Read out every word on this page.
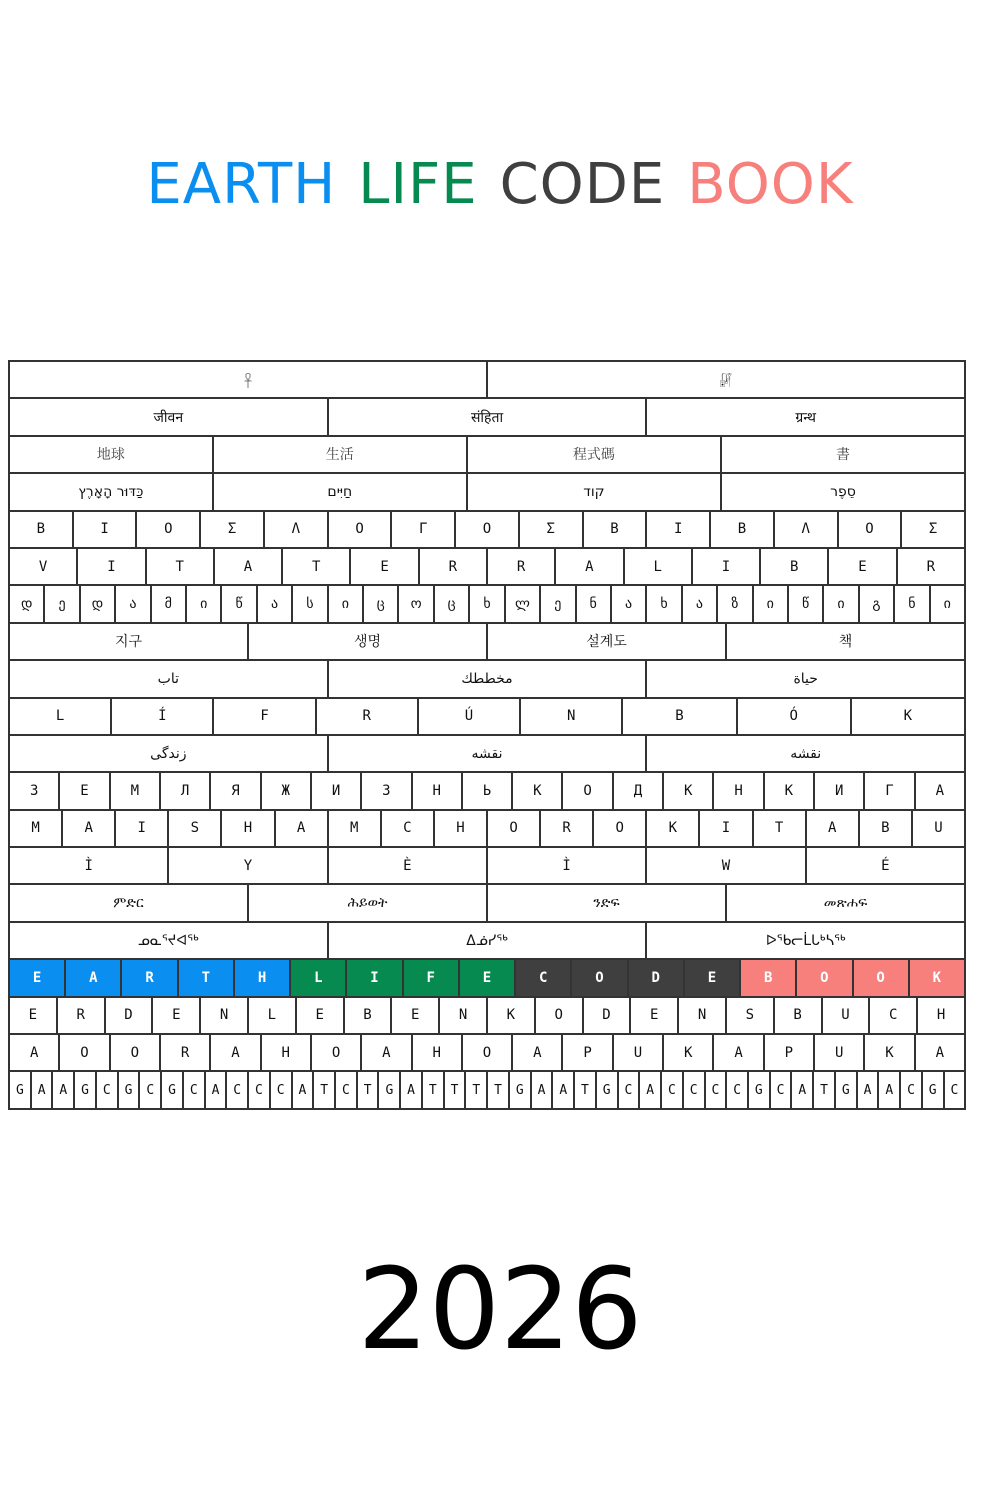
EARTH LIFE CODE BOOK
𓋹	𓏞
जीवन	संहिता	ग्रन्थ
地球	生活	程式碼	書
כַּדּוּר הָאָרֶץ	חַיִּים	קוד	סֵפֶר
Β	Ι	Ο	Σ	Λ	Ο	Γ	Ο	Σ	Β	Ι	Β	Λ	Ο	Σ
V	I	T	A	T	E	R	R	A	L	I	B	E	R
დ	ე	დ	ა	მ	ი	წ	ა	ს	ი	ც	ო	ც	ხ	ლ	ე	ნ	ა	ხ	ა	ზ	ი	წ	ი	გ	ნ	ი
지구	생명	설계도	책
تاب	مخططك	حياة
L	Í	F	R	Ú	N	B	Ó	K
زندگی	نقشه	نقشه
З	Е	М	Л	Я	Ж	И	З	Н	Ь	К	О	Д	К	Н	К	И	Г	А
M	A	I	S	H	A	M	C	H	O	R	O	K	I	T	A	B	U
Ì	Y	È	Ì	W	É
ምድር	ሕይወት	ንድፍ	መጽሐፍ
ᓄᓇᕐᔪᐊᖅ	ᐃᓅᓯᖅ	ᐅᖃᓕᒫᒐᒃᓴᖅ
E	A	R	T	H	L	I	F	E	C	O	D	E	B	O	O	K
E	R	D	E	N	L	E	B	E	N	K	O	D	E	N	S	B	U	C	H
A	O	O	R	A	H	O	A	H	O	A	P	U	K	A	P	U	K	A
G	A	A	G	C	G	C	G	C	A	C	C	C	A	T	C	T	G	A	T	T	T	T	G	A	A	T	G	C	A	C	C	C	C	G	C	A	T	G	A	A	C	G	C
2026
